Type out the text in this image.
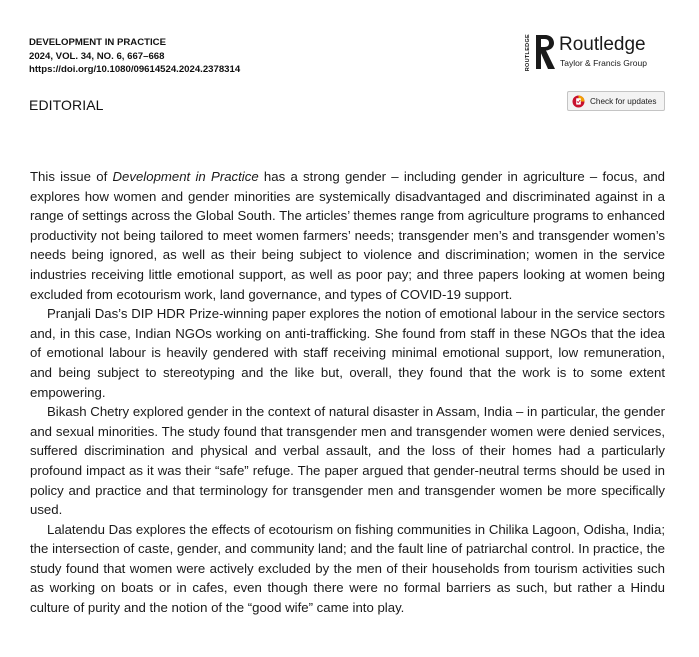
DEVELOPMENT IN PRACTICE
2024, VOL. 34, NO. 6, 667–668
https://doi.org/10.1080/09614524.2024.2378314	ROUTLEDGE Routledge
Taylor & Francis Group
EDITORIAL	Check for updates

This issue of Development in Practice has a strong gender – including gender in agriculture – focus, and explores how women and gender minorities are systemically disadvantaged and discriminated against in a range of settings across the Global South. The articles’ themes range from agriculture programs to enhanced productivity not being tailored to meet women farmers’ needs; transgender men’s and transgender women’s needs being ignored, as well as their being subject to violence and discrimination; women in the service industries receiving little emotional support, as well as poor pay; and three papers looking at women being excluded from ecotourism work, land governance, and types of COVID-19 support.

Pranjali Das’s DIP HDR Prize-winning paper explores the notion of emotional labour in the service sectors and, in this case, Indian NGOs working on anti-trafficking. She found from staff in these NGOs that the idea of emotional labour is heavily gendered with staff receiving minimal emotional support, low remuneration, and being subject to stereotyping and the like but, overall, they found that the work is to some extent empowering.

Bikash Chetry explored gender in the context of natural disaster in Assam, India – in particular, the gender and sexual minorities. The study found that transgender men and transgender women were denied services, suffered discrimination and physical and verbal assault, and the loss of their homes had a particularly profound impact as it was their “safe” refuge. The paper argued that gender-neutral terms should be used in policy and practice and that terminology for transgender men and transgender women be more specifically used.

Lalatendu Das explores the effects of ecotourism on fishing communities in Chilika Lagoon, Odisha, India; the intersection of caste, gender, and community land; and the fault line of patriarchal control. In practice, the study found that women were actively excluded by the men of their households from tourism activities such as working on boats or in cafes, even though there were no formal barriers as such, but rather a Hindu culture of purity and the notion of the “good wife” came into play.
